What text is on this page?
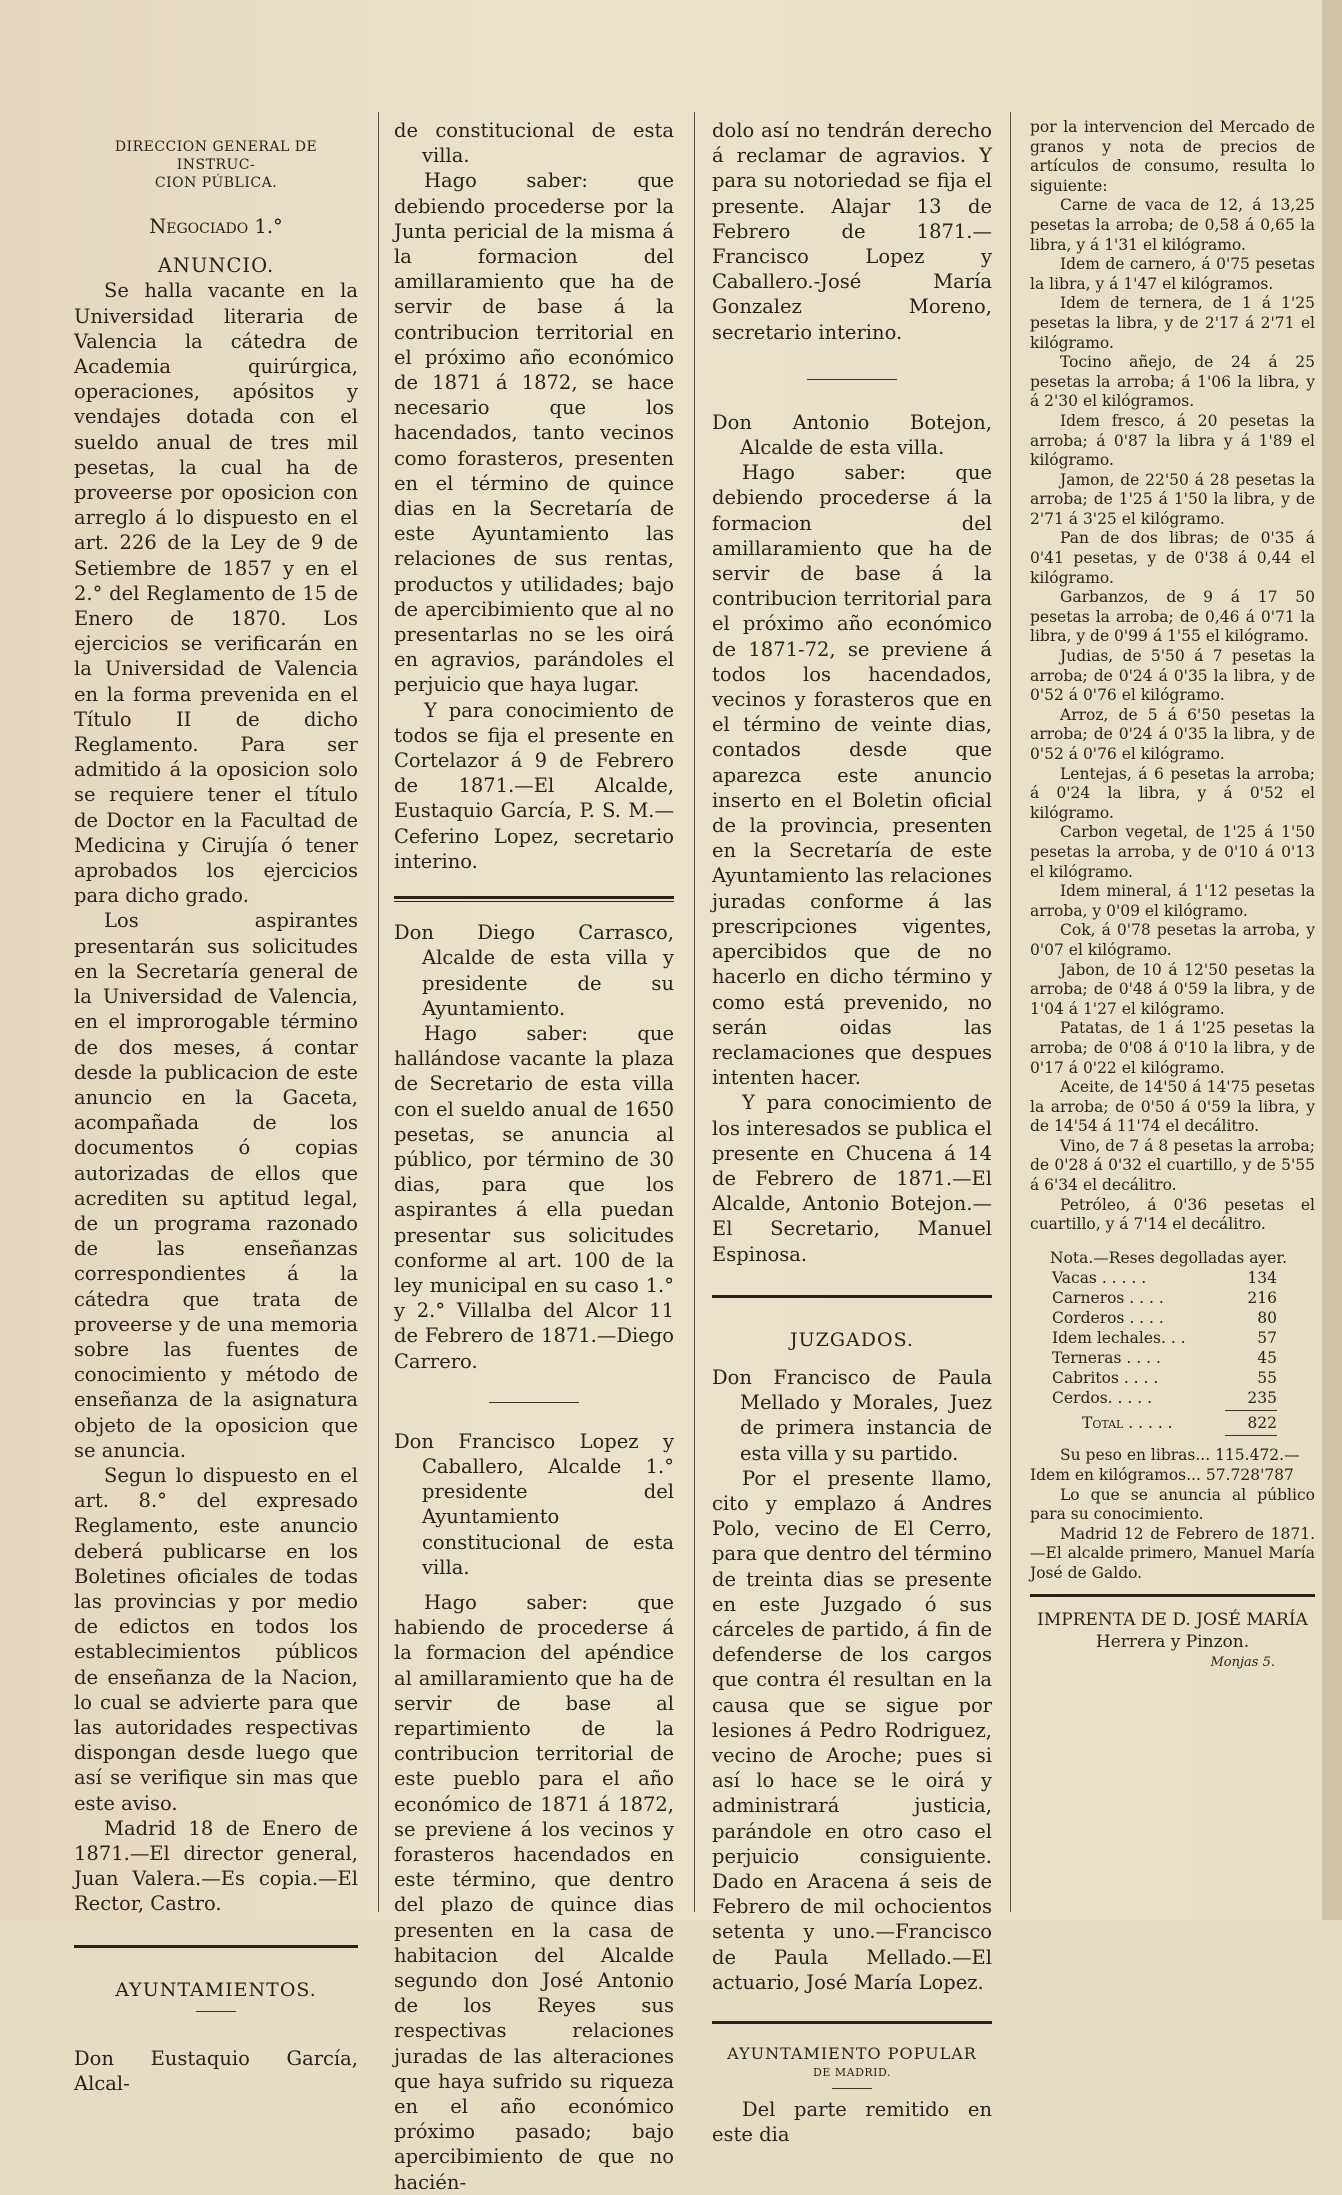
DIRECCION GENERAL DE INSTRUC-

CION PÚBLICA.

Negociado 1.°

ANUNCIO.

Se halla vacante en la Universidad literaria de Valencia la cátedra de Academia quirúrgica, operaciones, apósitos y vendajes dotada con el sueldo anual de tres mil pesetas, la cual ha de proveerse por oposicion con arreglo á lo dispuesto en el art. 226 de la Ley de 9 de Setiembre de 1857 y en el 2.° del Reglamento de 15 de Enero de 1870. Los ejercicios se verificarán en la Universidad de Valencia en la forma prevenida en el Título II de dicho Reglamento. Para ser admitido á la oposicion solo se requiere tener el título de Doctor en la Facultad de Medicina y Cirujía ó tener aprobados los ejercicios para dicho grado.

Los aspirantes presentarán sus solicitudes en la Secretaría general de la Universidad de Valencia, en el improrogable término de dos meses, á contar desde la publicacion de este anuncio en la Gaceta, acompañada de los documentos ó copias autorizadas de ellos que acrediten su aptitud legal, de un programa razonado de las enseñanzas correspondientes á la cátedra que trata de proveerse y de una memoria sobre las fuentes de conocimiento y método de enseñanza de la asignatura objeto de la oposicion que se anuncia.

Segun lo dispuesto en el art. 8.° del expresado Reglamento, este anuncio deberá publicarse en los Boletines oficiales de todas las provincias y por medio de edictos en todos los establecimientos públicos de enseñanza de la Nacion, lo cual se advierte para que las autoridades respectivas dispongan desde luego que así se verifique sin mas que este aviso.

Madrid 18 de Enero de 1871.—El director general, Juan Valera.—Es copia.—El Rector, Castro.

AYUNTAMIENTOS.

Don Eustaquio García, Alcal-

de constitucional de esta villa.

Hago saber: que debiendo procederse por la Junta pericial de la misma á la formacion del amillaramiento que ha de servir de base á la contribucion territorial en el próximo año económico de 1871 á 1872, se hace necesario que los hacendados, tanto vecinos como forasteros, presenten en el término de quince dias en la Secretaría de este Ayuntamiento las relaciones de sus rentas, productos y utilidades; bajo de apercibimiento que al no presentarlas no se les oirá en agravios, parándoles el perjuicio que haya lugar.

Y para conocimiento de todos se fija el presente en Cortelazor á 9 de Febrero de 1871.—El Alcalde, Eustaquio García, P. S. M.—Ceferino Lopez, secretario interino.

Don Diego Carrasco, Alcalde de esta villa y presidente de su Ayuntamiento.

Hago saber: que hallándose vacante la plaza de Secretario de esta villa con el sueldo anual de 1650 pesetas, se anuncia al público, por término de 30 dias, para que los aspirantes á ella puedan presentar sus solicitudes conforme al art. 100 de la ley municipal en su caso 1.° y 2.° Villalba del Alcor 11 de Febrero de 1871.—Diego Carrero.

Don Francisco Lopez y Caballero, Alcalde 1.° presidente del Ayuntamiento constitucional de esta villa.

Hago saber: que habiendo de procederse á la formacion del apéndice al amillaramiento que ha de servir de base al repartimiento de la contribucion territorial de este pueblo para el año económico de 1871 á 1872, se previene á los vecinos y forasteros hacendados en este término, que dentro del plazo de quince dias presenten en la casa de habitacion del Alcalde segundo don José Antonio de los Reyes sus respectivas relaciones juradas de las alteraciones que haya sufrido su riqueza en el año económico próximo pasado; bajo apercibimiento de que no hacién-

dolo así no tendrán derecho á reclamar de agravios. Y para su notoriedad se fija el presente. Alajar 13 de Febrero de 1871.—Francisco Lopez y Caballero.-José María Gonzalez Moreno, secretario interino.

Don Antonio Botejon, Alcalde de esta villa.

Hago saber: que debiendo procederse á la formacion del amillaramiento que ha de servir de base á la contribucion territorial para el próximo año económico de 1871-72, se previene á todos los hacendados, vecinos y forasteros que en el término de veinte dias, contados desde que aparezca este anuncio inserto en el Boletin oficial de la provincia, presenten en la Secretaría de este Ayuntamiento las relaciones juradas conforme á las prescripciones vigentes, apercibidos que de no hacerlo en dicho término y como está prevenido, no serán oidas las reclamaciones que despues intenten hacer.

Y para conocimiento de los interesados se publica el presente en Chucena á 14 de Febrero de 1871.—El Alcalde, Antonio Botejon.—El Secretario, Manuel Espinosa.

JUZGADOS.

Don Francisco de Paula Mellado y Morales, Juez de primera instancia de esta villa y su partido.

Por el presente llamo, cito y emplazo á Andres Polo, vecino de El Cerro, para que dentro del término de treinta dias se presente en este Juzgado ó sus cárceles de partido, á fin de defenderse de los cargos que contra él resultan en la causa que se sigue por lesiones á Pedro Rodriguez, vecino de Aroche; pues si así lo hace se le oirá y administrará justicia, parándole en otro caso el perjuicio consiguiente. Dado en Aracena á seis de Febrero de mil ochocientos setenta y uno.—Francisco de Paula Mellado.—El actuario, José María Lopez.

AYUNTAMIENTO POPULAR

DE MADRID.

Del parte remitido en este dia

por la intervencion del Mercado de granos y nota de precios de artículos de consumo, resulta lo siguiente:

Carne de vaca de 12, á 13,25 pesetas la arroba; de 0,58 á 0,65 la libra, y á 1'31 el kilógramo.

Idem de carnero, á 0'75 pesetas la libra, y á 1'47 el kilógramos.

Idem de ternera, de 1 á 1'25 pesetas la libra, y de 2'17 á 2'71 el kilógramo.

Tocino añejo, de 24 á 25 pesetas la arroba; á 1'06 la libra, y á 2'30 el kilógramos.

Idem fresco, á 20 pesetas la arroba; á 0'87 la libra y á 1'89 el kilógramo.

Jamon, de 22'50 á 28 pesetas la arroba; de 1'25 á 1'50 la libra, y de 2'71 á 3'25 el kilógramo.

Pan de dos libras; de 0'35 á 0'41 pesetas, y de 0'38 á 0,44 el kilógramo.

Garbanzos, de 9 á 17 50 pesetas la arroba; de 0,46 á 0'71 la libra, y de 0'99 á 1'55 el kilógramo.

Judias, de 5'50 á 7 pesetas la arroba; de 0'24 á 0'35 la libra, y de 0'52 á 0'76 el kilógramo.

Arroz, de 5 á 6'50 pesetas la arroba; de 0'24 á 0'35 la libra, y de 0'52 á 0'76 el kilógramo.

Lentejas, á 6 pesetas la arroba; á 0'24 la libra, y á 0'52 el kilógramo.

Carbon vegetal, de 1'25 á 1'50 pesetas la arroba, y de 0'10 á 0'13 el kilógramo.

Idem mineral, á 1'12 pesetas la arroba, y 0'09 el kilógramo.

Cok, á 0'78 pesetas la arroba, y 0'07 el kilógramo.

Jabon, de 10 á 12'50 pesetas la arroba; de 0'48 á 0'59 la libra, y de 1'04 á 1'27 el kilógramo.

Patatas, de 1 á 1'25 pesetas la arroba; de 0'08 á 0'10 la libra, y de 0'17 á 0'22 el kilógramo.

Aceite, de 14'50 á 14'75 pesetas la arroba; de 0'50 á 0'59 la libra, y de 14'54 á 11'74 el decálitro.

Vino, de 7 á 8 pesetas la arroba; de 0'28 á 0'32 el cuartillo, y de 5'55 á 6'34 el decálitro.

Petróleo, á 0'36 pesetas el cuartillo, y á 7'14 el decálitro.

Nota.—Reses degolladas ayer.

Vacas . . . . .	134
Carneros . . . .	216
Corderos . . . .	80
Idem lechales. . .	57
Terneras . . . .	45
Cabritos . . . .	55
Cerdos. . . . .	235

Total . . . . .	822

Su peso en libras... 115.472.—

Idem en kilógramos... 57.728'787

Lo que se anuncia al público para su conocimiento.

Madrid 12 de Febrero de 1871. —El alcalde primero, Manuel María José de Galdo.

IMPRENTA DE D. JOSÉ MARÍA Herrera y Pinzon.

Monjas 5.
